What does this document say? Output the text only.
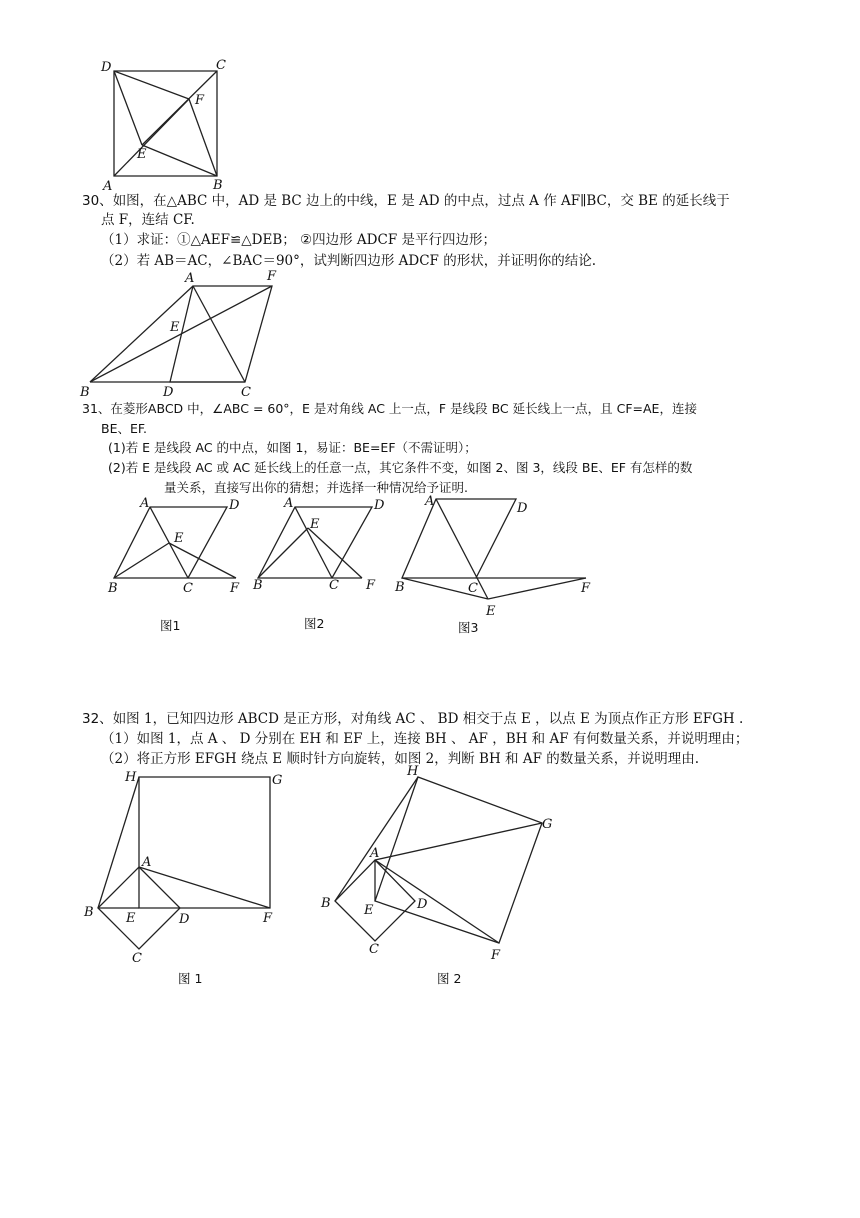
D	C
F
E
A	B
30、如图，在△ABC 中，AD 是 BC 边上的中线，E 是 AD 的中点，过点 A 作 AF∥BC，交 BE 的延长线于
点 F，连结 CF.
（1）求证：①△AEF≌△DEB； ②四边形 ADCF 是平行四边形；
（2）若 AB＝AC，∠BAC＝90°，试判断四边形 ADCF 的形状，并证明你的结论.
A	F
E
B	D	C
31、在菱形ABCD 中，∠ABC = 60°，E 是对角线 AC 上一点，F 是线段 BC 延长线上一点，且 CF=AE，连接
BE、EF.
(1)若 E 是线段 AC 的中点，如图 1，易证：BE=EF（不需证明）；
(2)若 E 是线段 AC 或 AC 延长线上的任意一点，其它条件不变，如图 2、图 3，线段 BE、EF 有怎样的数
量关系，直接写出你的猜想；并选择一种情况给予证明.
A	D
E
B	C	F
图1
A	D
E
B	C F
图2
A	D
B	C	F
E
图3
32、如图 1，已知四边形 ABCD 是正方形，对角线 AC 、 BD 相交于点 E ，以点 E 为顶点作正方形 EFGH .
（1）如图 1，点 A 、 D 分别在 EH 和 EF 上，连接 BH 、 AF ，BH 和 AF 有何数量关系，并说明理由；
（2）将正方形 EFGH 绕点 E 顺时针方向旋转，如图 2，判断 BH 和 AF 的数量关系，并说明理由.
H	G
A
B E	D	F
C
图 1
H
G
A
B	E	D
F
C
图 2
